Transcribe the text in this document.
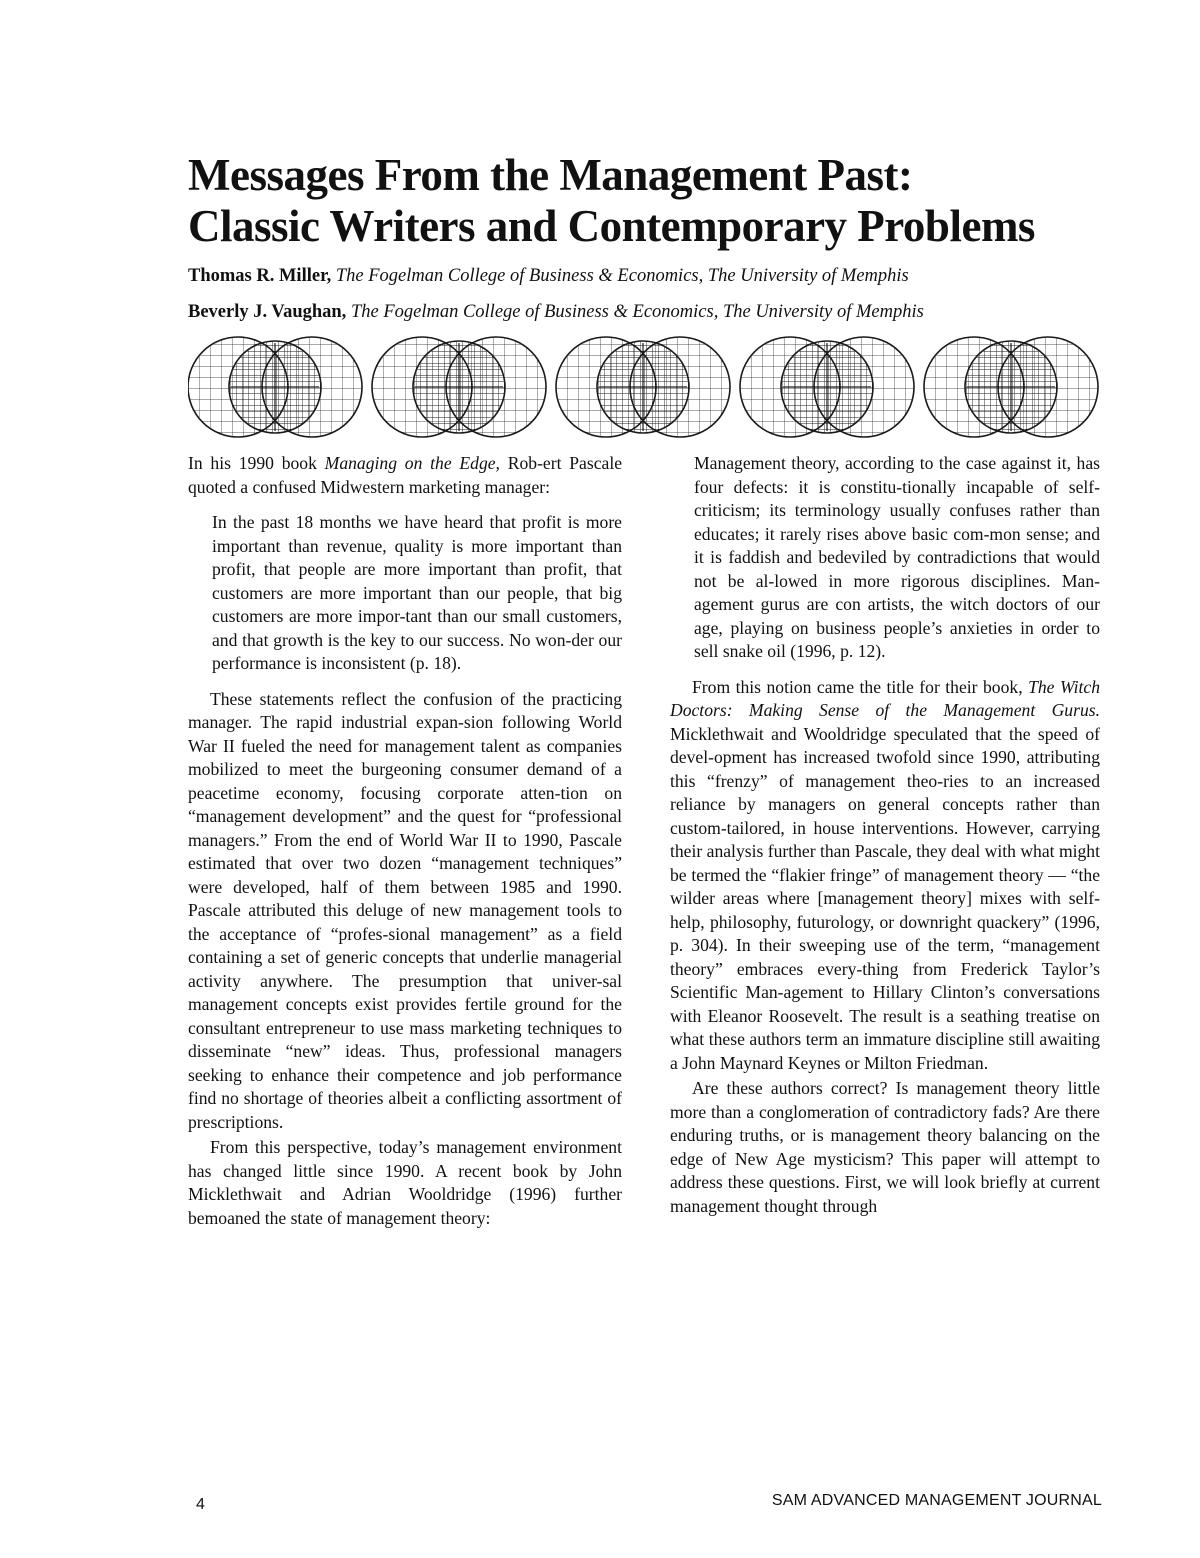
Messages From the Management Past:
Classic Writers and Contemporary Problems
Thomas R. Miller, The Fogelman College of Business & Economics, The University of Memphis
Beverly J. Vaughan, The Fogelman College of Business & Economics, The University of Memphis

In his 1990 book Managing on the Edge, Rob-ert Pascale quoted a confused Midwestern marketing manager:

In the past 18 months we have heard that profit is more important than revenue, quality is more important than profit, that people are more important than profit, that customers are more important than our people, that big customers are more impor-tant than our small customers, and that growth is the key to our success. No won-der our performance is inconsistent (p. 18).

These statements reflect the confusion of the practicing manager. The rapid industrial expan-sion following World War II fueled the need for management talent as companies mobilized to meet the burgeoning consumer demand of a peacetime economy, focusing corporate atten-tion on “management development” and the quest for “professional managers.” From the end of World War II to 1990, Pascale estimated that over two dozen “management techniques” were developed, half of them between 1985 and 1990. Pascale attributed this deluge of new management tools to the acceptance of “profes-sional management” as a field containing a set of generic concepts that underlie managerial activity anywhere. The presumption that univer-sal management concepts exist provides fertile ground for the consultant entrepreneur to use mass marketing techniques to disseminate “new” ideas. Thus, professional managers seeking to enhance their competence and job performance find no shortage of theories albeit a conflicting assortment of prescriptions.

From this perspective, today’s management environment has changed little since 1990. A recent book by John Micklethwait and Adrian Wooldridge (1996) further bemoaned the state of management theory:

Management theory, according to the case against it, has four defects: it is constitu-tionally incapable of self-criticism; its terminology usually confuses rather than educates; it rarely rises above basic com-mon sense; and it is faddish and bedeviled by contradictions that would not be al-lowed in more rigorous disciplines. Man-agement gurus are con artists, the witch doctors of our age, playing on business people’s anxieties in order to sell snake oil (1996, p. 12).

From this notion came the title for their book, The Witch Doctors: Making Sense of the Management Gurus. Micklethwait and Wooldridge speculated that the speed of devel-opment has increased twofold since 1990, attributing this “frenzy” of management theo-ries to an increased reliance by managers on general concepts rather than custom-tailored, in house interventions. However, carrying their analysis further than Pascale, they deal with what might be termed the “flakier fringe” of management theory — “the wilder areas where [management theory] mixes with self-help, philosophy, futurology, or downright quackery” (1996, p. 304). In their sweeping use of the term, “management theory” embraces every-thing from Frederick Taylor’s Scientific Man-agement to Hillary Clinton’s conversations with Eleanor Roosevelt. The result is a seathing treatise on what these authors term an immature discipline still awaiting a John Maynard Keynes or Milton Friedman.

Are these authors correct? Is management theory little more than a conglomeration of contradictory fads? Are there enduring truths, or is management theory balancing on the edge of New Age mysticism? This paper will attempt to address these questions. First, we will look briefly at current management thought through

4	SAM ADVANCED MANAGEMENT JOURNAL
